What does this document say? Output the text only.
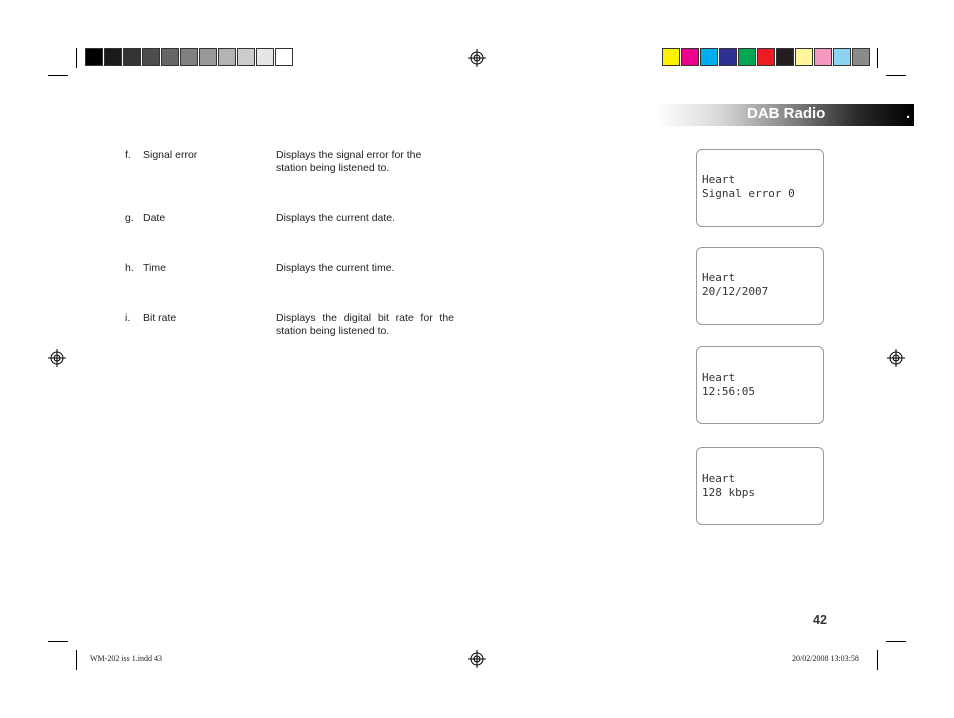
DAB Radio	.
f. Signal error	Displays the signal error for the station being listened to.
g. Date	Displays the current date.
h. Time	Displays the current time.
i. Bit rate	Displays the digital bit rate for the station being listened to.
Heart
Signal error 0
Heart
20/12/2007
Heart
12:56:05
Heart
128 kbps
42
WM-202 iss 1.indd 43	20/02/2008 13:03:58
